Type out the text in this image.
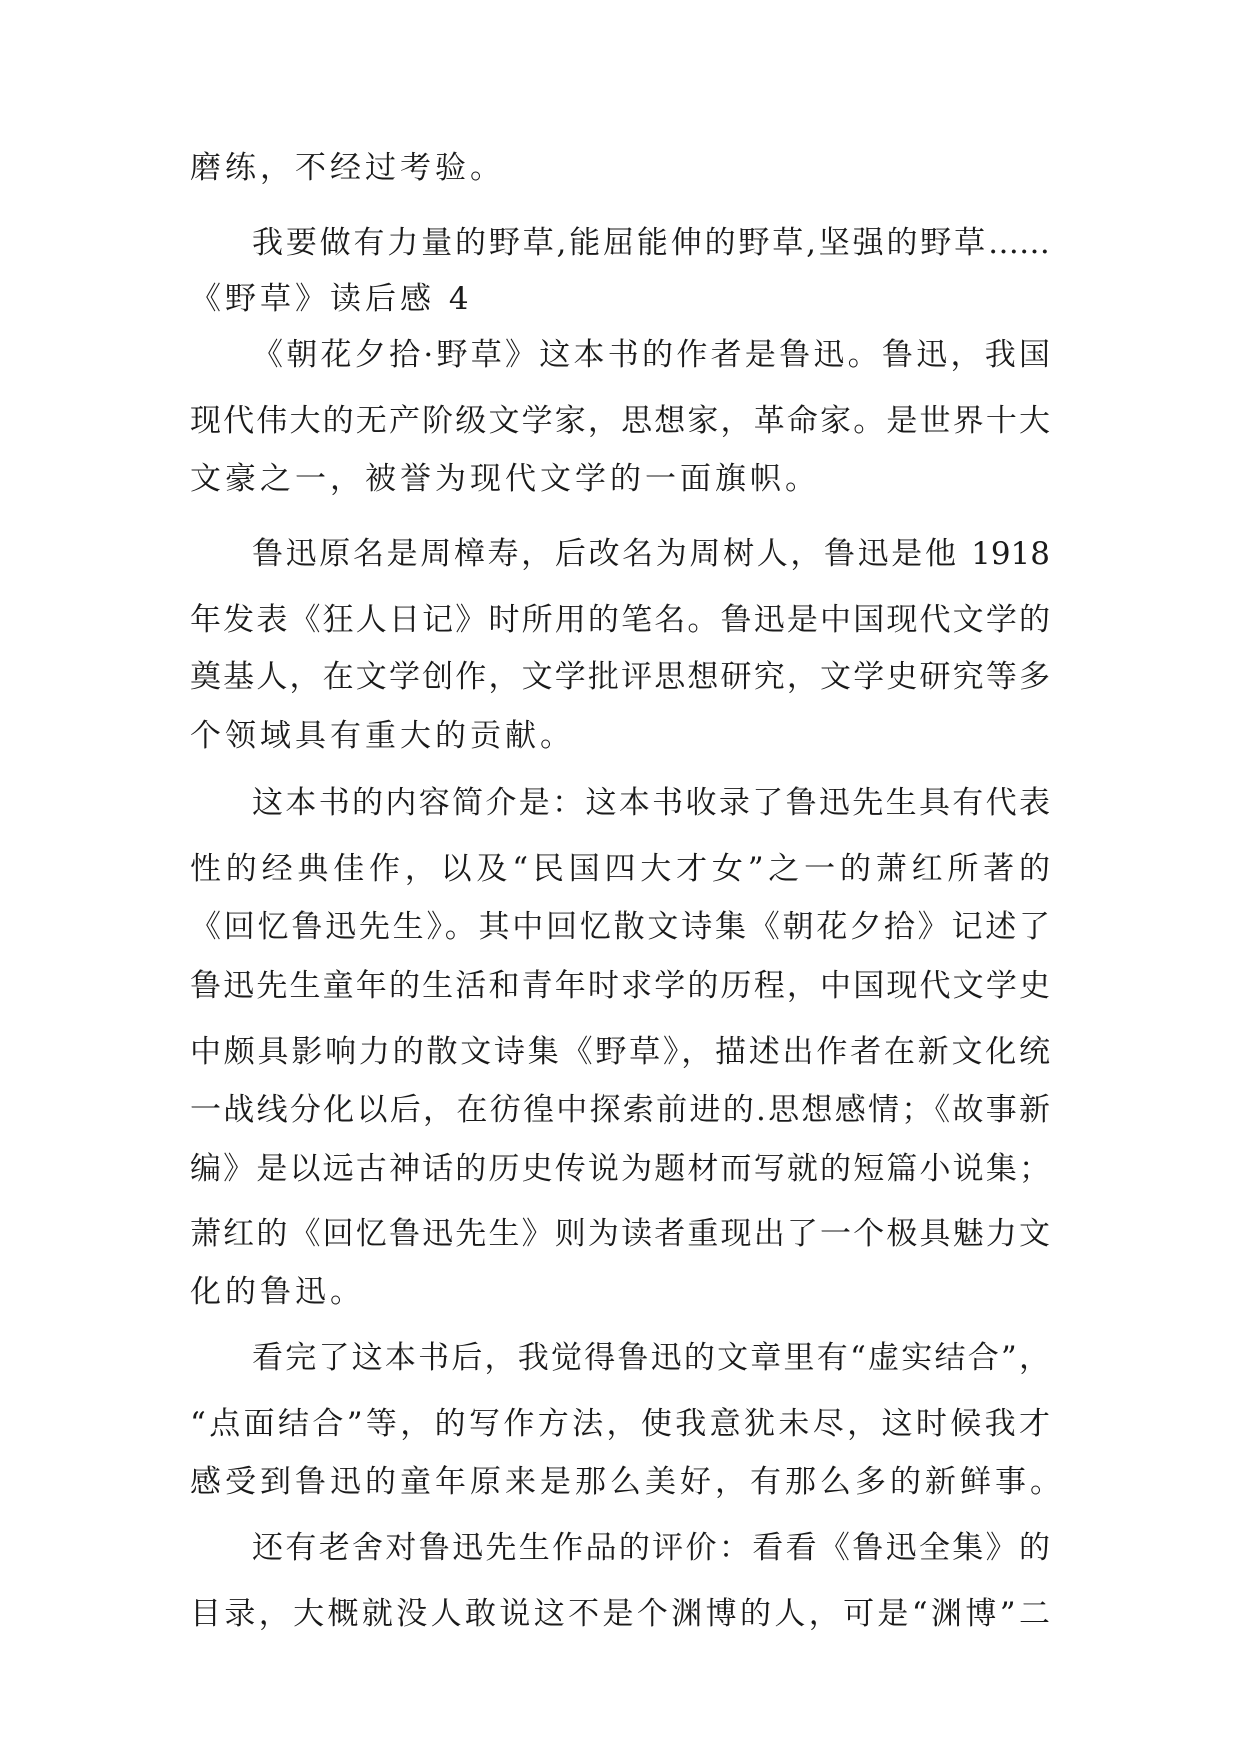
磨练，不经过考验。
我要做有力量的野草,能屈能伸的野草,坚强的野草……
《野草》读后感 4
《朝花夕拾·野草》这本书的作者是鲁迅。鲁迅，我国
现代伟大的无产阶级文学家，思想家，革命家。是世界十大
文豪之一，被誉为现代文学的一面旗帜。
鲁迅原名是周樟寿，后改名为周树人，鲁迅是他 1918
年发表《狂人日记》时所用的笔名。鲁迅是中国现代文学的
奠基人，在文学创作，文学批评思想研究，文学史研究等多
个领域具有重大的贡献。
这本书的内容简介是：这本书收录了鲁迅先生具有代表
性的经典佳作，以及“民国四大才女”之一的萧红所著的
《回忆鲁迅先生》。其中回忆散文诗集《朝花夕拾》记述了
鲁迅先生童年的生活和青年时求学的历程，中国现代文学史
中颇具影响力的散文诗集《野草》，描述出作者在新文化统
一战线分化以后，在彷徨中探索前进的.思想感情；《故事新
编》是以远古神话的历史传说为题材而写就的短篇小说集；
萧红的《回忆鲁迅先生》则为读者重现出了一个极具魅力文
化的鲁迅。
看完了这本书后，我觉得鲁迅的文章里有“虚实结合”，
“点面结合”等，的写作方法，使我意犹未尽，这时候我才
感受到鲁迅的童年原来是那么美好，有那么多的新鲜事。
还有老舍对鲁迅先生作品的评价：看看《鲁迅全集》的
目录，大概就没人敢说这不是个渊博的人，可是“渊博”二
